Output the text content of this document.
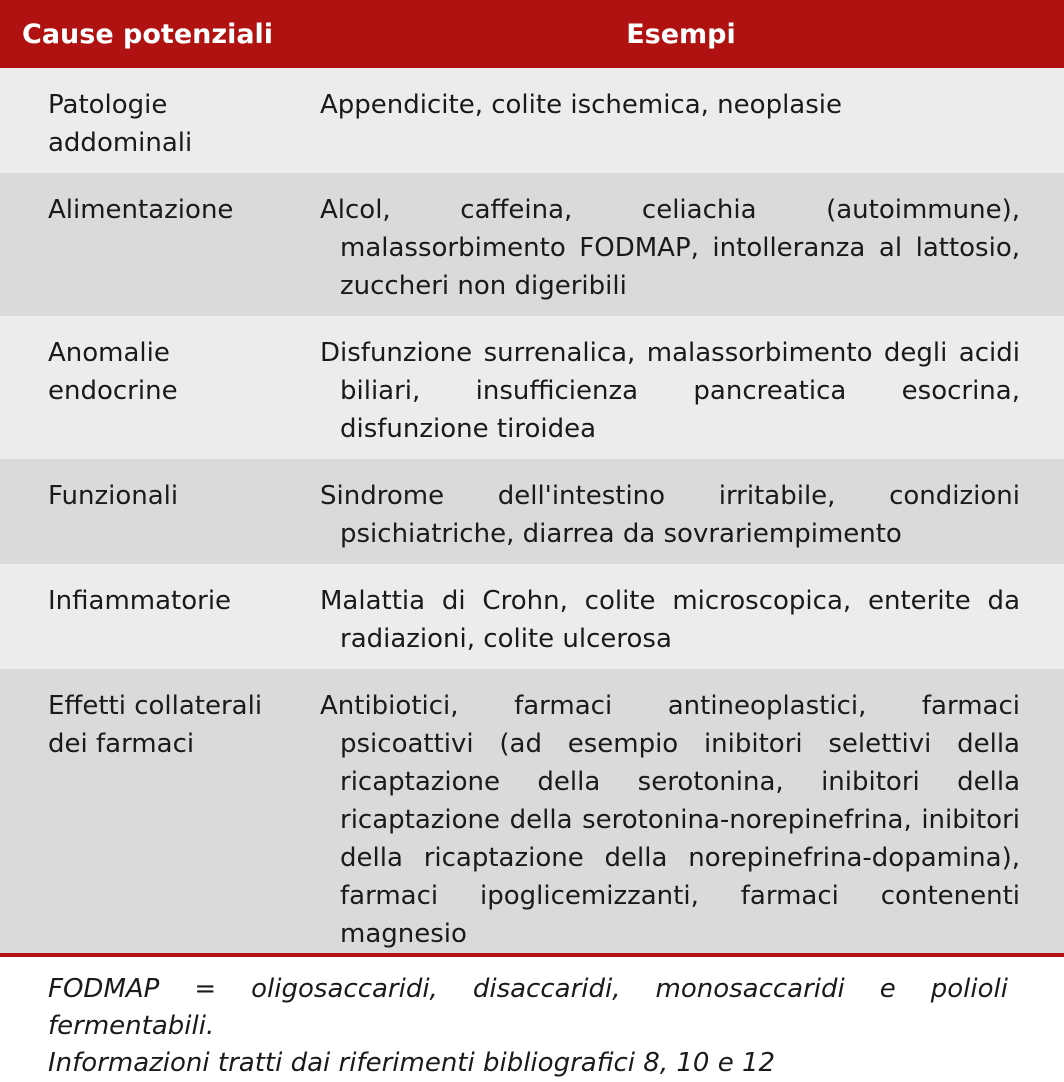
Cause potenziali	Esempi
Patologie addominali	Appendicite, colite ischemica, neoplasie
Alimentazione	Alcol, caffeina, celiachia (autoimmune), malassorbimento FODMAP, intolleranza al lattosio, zuccheri non digeribili
Anomalie endocrine	Disfunzione surrenalica, malassorbimento degli acidi biliari, insufficienza pancreatica esocrina, disfunzione tiroidea
Funzionali	Sindrome dell'intestino irritabile, condizioni psichiatriche, diarrea da sovrariempimento
Infiammatorie	Malattia di Crohn, colite microscopica, enterite da radiazioni, colite ulcerosa
Effetti collaterali dei farmaci	Antibiotici, farmaci antineoplastici, farmaci psicoattivi (ad esempio inibitori selettivi della ricaptazione della serotonina, inibitori della ricaptazione della serotonina-norepinefrina, inibitori della ricaptazione della norepinefrina-dopamina), farmaci ipoglicemizzanti, farmaci contenenti magnesio

FODMAP = oligosaccaridi, disaccaridi, monosaccaridi e polioli fermentabili.

Informazioni tratti dai riferimenti bibliografici 8, 10 e 12
